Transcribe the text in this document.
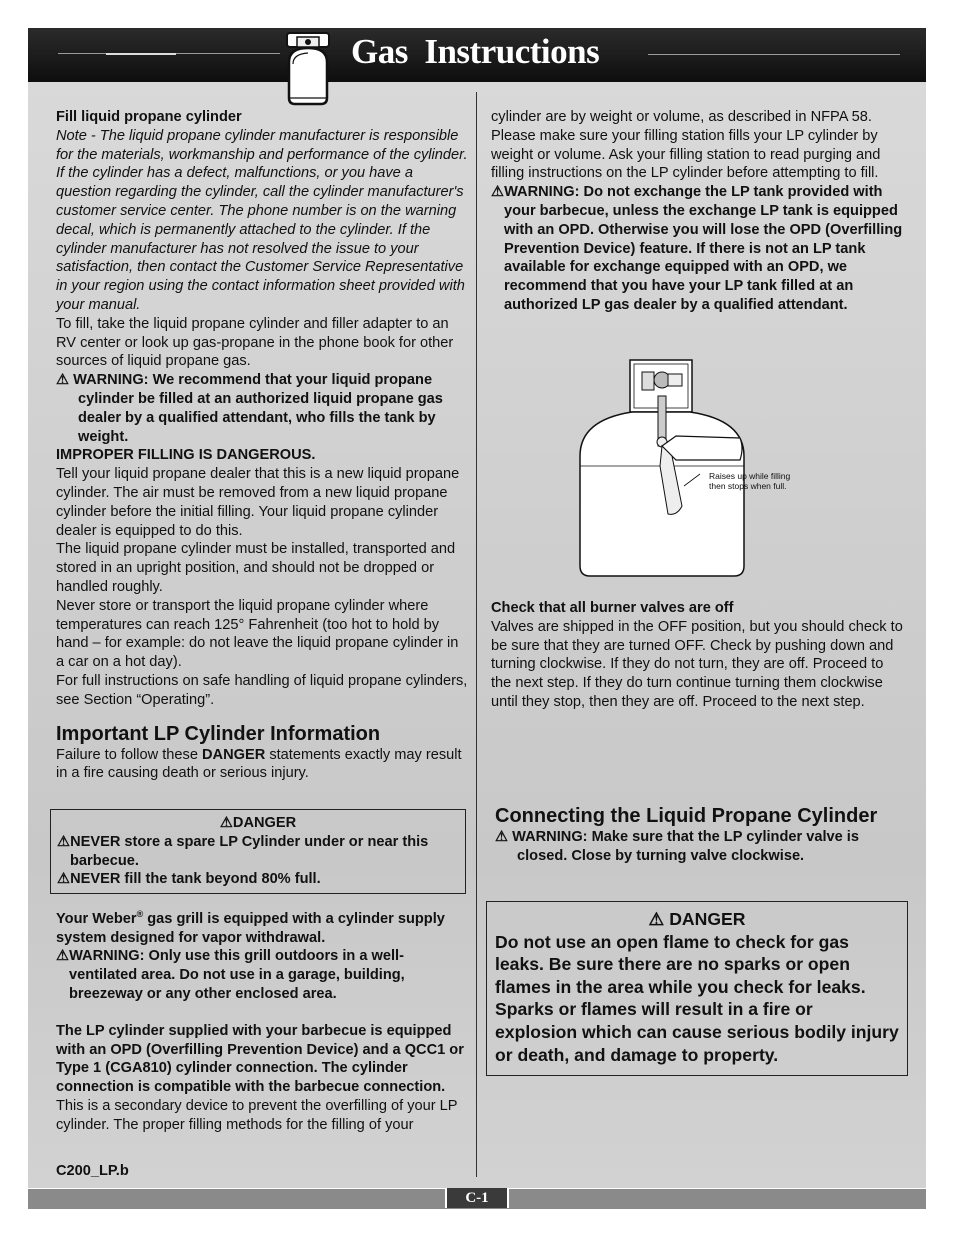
Gas  Instructions

Fill liquid propane cylinder

Note - The liquid propane cylinder manufacturer is responsible for the materials, workmanship and performance of the cylinder. If the cylinder has a defect, malfunctions, or you have a question regarding the cylinder, call the cylinder manufacturer's customer service center. The phone number is on the warning decal, which is permanently attached to the cylinder. If the cylinder manufacturer has not resolved the issue to your satisfaction, then contact the Customer Service Representative in your region using the contact information sheet provided with your manual.

To fill, take the liquid propane cylinder and filler adapter to an RV center or look up gas-propane in the phone book for other sources of liquid propane gas.

⚠ WARNING: We recommend that your liquid propane cylinder be filled at an authorized liquid propane gas dealer by a qualified attendant, who fills the tank by weight.

IMPROPER FILLING IS DANGEROUS.

Tell your liquid propane dealer that this is a new liquid propane cylinder. The air must be removed from a new liquid propane cylinder before the initial filling. Your liquid propane cylinder dealer is equipped to do this.

The liquid propane cylinder must be installed, transported and stored in an upright position, and should not be dropped or handled roughly.

Never store or transport the liquid propane cylinder where temperatures can reach 125° Fahrenheit (too hot to hold by hand – for example: do not leave the liquid propane cylinder in a car on a hot day).

For full instructions on safe handling of liquid propane cylinders, see Section “Operating”.

Important LP Cylinder Information

Failure to follow these DANGER statements exactly may result in a fire causing death or serious injury.

⚠DANGER
⚠NEVER store a spare LP Cylinder under or near this barbecue.
⚠NEVER fill the tank beyond 80% full.

Your Weber® gas grill is equipped with a cylinder supply system designed for vapor withdrawal.

⚠WARNING: Only use this grill outdoors in a well-ventilated area. Do not use in a garage, building, breezeway or any other enclosed area.

The LP cylinder supplied with your barbecue is equipped with an OPD (Overfilling Prevention Device) and a QCC1 or Type 1 (CGA810) cylinder connection. The cylinder connection is compatible with the barbecue connection.

This is a secondary device to prevent the overfilling of your LP cylinder. The proper filling methods for the filling of your

C200_LP.b

cylinder are by weight or volume, as described in NFPA 58. Please make sure your filling station fills your LP cylinder by weight or volume. Ask your filling station to read purging and filling instructions on the LP cylinder before attempting to fill.

⚠WARNING: Do not exchange the LP tank provided with your barbecue, unless the exchange LP tank is equipped with an OPD. Otherwise you will lose the OPD (Overfilling Prevention Device) feature. If there is not an LP tank available for exchange equipped with an OPD, we recommend that you have your LP tank filled at an authorized LP gas dealer by a qualified attendant.

Raises up while filling then stops when full.

Check that all burner valves are off

Valves are shipped in the OFF position, but you should check to be sure that they are turned OFF. Check by pushing down and turning clockwise. If they do not turn, they are off. Proceed to the next step. If they do turn continue turning them clockwise until they stop, then they are off. Proceed to the next step.

Connecting the Liquid Propane Cylinder

⚠ WARNING: Make sure that the LP cylinder valve is closed. Close by turning valve clockwise.

⚠ DANGER
Do not use an open flame to check for gas leaks. Be sure there are no sparks or open flames in the area while you check for leaks. Sparks or flames will result in a fire or explosion which can cause serious bodily injury or death, and damage to property.
C-1
